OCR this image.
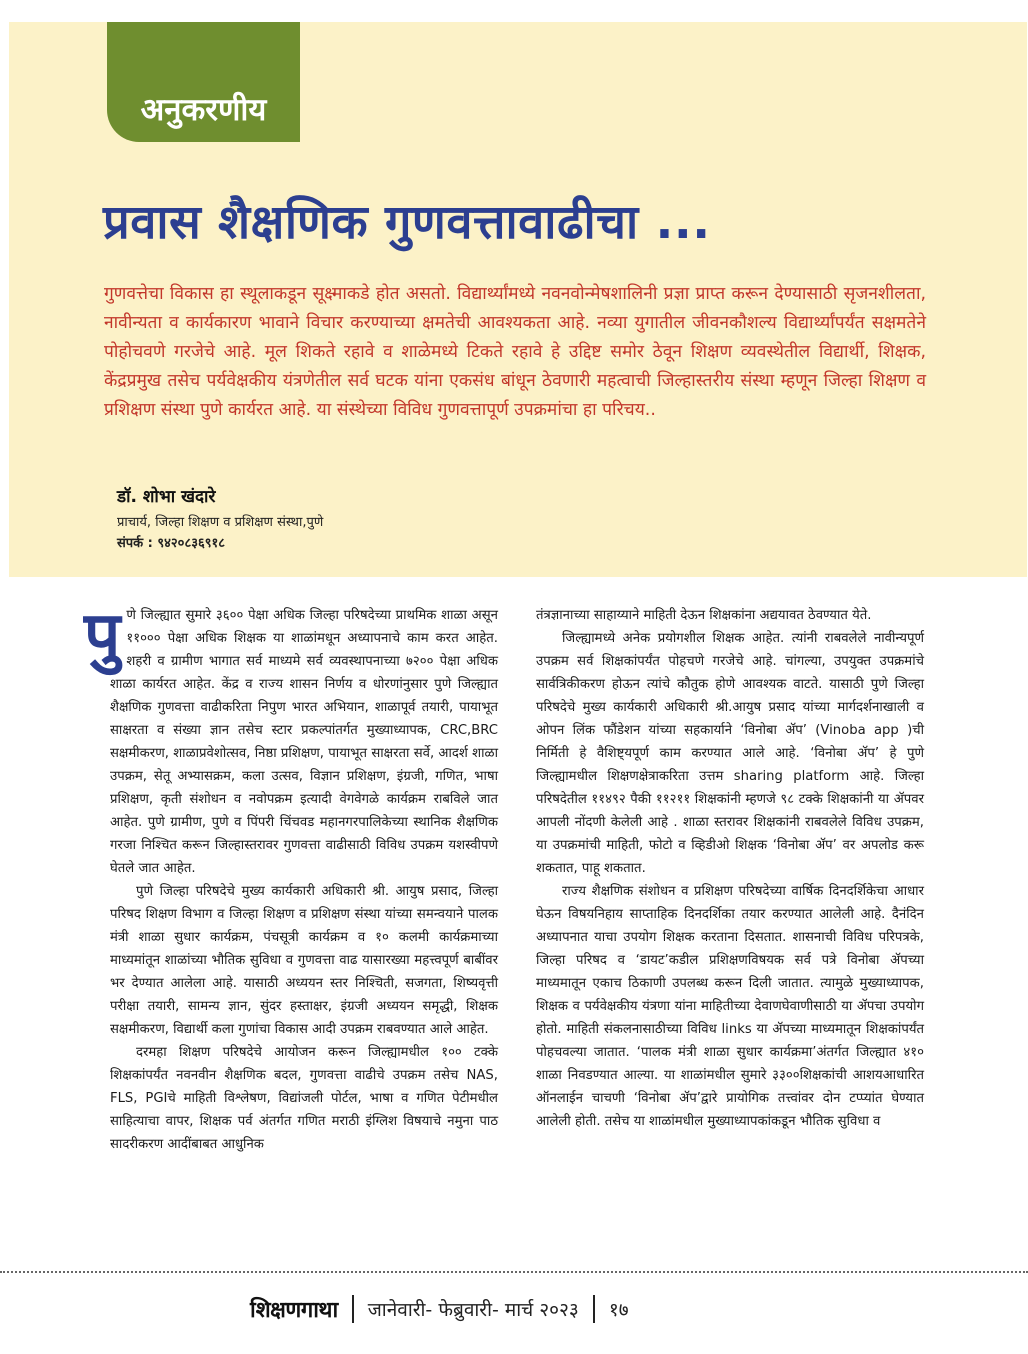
अनुकरणीय
प्रवास शैक्षणिक गुणवत्तावाढीचा ...

गुणवत्तेचा विकास हा स्थूलाकडून सूक्ष्माकडे होत असतो. विद्यार्थ्यांमध्ये नवनवोन्मेषशालिनी प्रज्ञा प्राप्त करून देण्यासाठी सृजनशीलता, नावीन्यता व कार्यकारण भावाने विचार करण्याच्या क्षमतेची आवश्यकता आहे. नव्या युगातील जीवनकौशल्य विद्यार्थ्यांपर्यंत सक्षमतेने पोहोचवणे गरजेचे आहे. मूल शिकते रहावे व शाळेमध्ये टिकते रहावे हे उद्दिष्ट समोर ठेवून शिक्षण व्यवस्थेतील विद्यार्थी, शिक्षक, केंद्रप्रमुख तसेच पर्यवेक्षकीय यंत्रणेतील सर्व घटक यांना एकसंध बांधून ठेवणारी महत्वाची जिल्हास्तरीय संस्था म्हणून जिल्हा शिक्षण व प्रशिक्षण संस्था पुणे कार्यरत आहे. या संस्थेच्या विविध गुणवत्तापूर्ण उपक्रमांचा हा परिचय..

डॉ. शोभा खंदारे
प्राचार्य, जिल्हा शिक्षण व प्रशिक्षण संस्था,पुणे
संपर्क : ९४२०८३६९१८

पुणे जिल्ह्यात सुमारे ३६०० पेक्षा अधिक जिल्हा परिषदेच्या प्राथमिक शाळा असून ११००० पेक्षा अधिक शिक्षक या शाळांमधून अध्यापनाचे काम करत आहेत. शहरी व ग्रामीण भागात सर्व माध्यमे सर्व व्यवस्थापनाच्या ७२०० पेक्षा अधिक शाळा कार्यरत आहेत. केंद्र व राज्य शासन निर्णय व धोरणांनुसार पुणे जिल्ह्यात शैक्षणिक गुणवत्ता वाढीकरिता निपुण भारत अभियान, शाळापूर्व तयारी, पायाभूत साक्षरता व संख्या ज्ञान तसेच स्टार प्रकल्पांतर्गत मुख्याध्यापक, CRC,BRC सक्षमीकरण, शाळाप्रवेशोत्सव, निष्ठा प्रशिक्षण, पायाभूत साक्षरता सर्वे, आदर्श शाळा उपक्रम, सेतू अभ्यासक्रम, कला उत्सव, विज्ञान प्रशिक्षण, इंग्रजी, गणित, भाषा प्रशिक्षण, कृती संशोधन व नवोपक्रम इत्यादी वेगवेगळे कार्यक्रम राबविले जात आहेत. पुणे ग्रामीण, पुणे व पिंपरी चिंचवड महानगरपालिकेच्या स्थानिक शैक्षणिक गरजा निश्चित करून जिल्हास्तरावर गुणवत्ता वाढीसाठी विविध उपक्रम यशस्वीपणे घेतले जात आहेत.

पुणे जिल्हा परिषदेचे मुख्य कार्यकारी अधिकारी श्री. आयुष प्रसाद, जिल्हा परिषद शिक्षण विभाग व जिल्हा शिक्षण व प्रशिक्षण संस्था यांच्या समन्वयाने पालक मंत्री शाळा सुधार कार्यक्रम, पंचसूत्री कार्यक्रम व १० कलमी कार्यक्रमाच्या माध्यमांतून शाळांच्या भौतिक सुविधा व गुणवत्ता वाढ यासारख्या महत्त्वपूर्ण बाबींवर भर देण्यात आलेला आहे. यासाठी अध्ययन स्तर निश्चिती, सजगता, शिष्यवृत्ती परीक्षा तयारी, सामन्य ज्ञान, सुंदर हस्ताक्षर, इंग्रजी अध्ययन समृद्धी, शिक्षक सक्षमीकरण, विद्यार्थी कला गुणांचा विकास आदी उपक्रम राबवण्यात आले आहेत.

दरमहा शिक्षण परिषदेचे आयोजन करून जिल्ह्यामधील १०० टक्के शिक्षकांपर्यंत नवनवीन शैक्षणिक बदल, गुणवत्ता वाढीचे उपक्रम तसेच NAS, FLS, PGIचे माहिती विश्लेषण, विद्यांजली पोर्टल, भाषा व गणित पेटीमधील साहित्याचा वापर, शिक्षक पर्व अंतर्गत गणित मराठी इंग्लिश विषयाचे नमुना पाठ सादरीकरण आदींबाबत आधुनिक

तंत्रज्ञानाच्या साहाय्याने माहिती देऊन शिक्षकांना अद्ययावत ठेवण्यात येते.

जिल्ह्यामध्ये अनेक प्रयोगशील शिक्षक आहेत. त्यांनी राबवलेले नावीन्यपूर्ण उपक्रम सर्व शिक्षकांपर्यंत पोहचणे गरजेचे आहे. चांगल्या, उपयुक्त उपक्रमांचे सार्वत्रिकीकरण होऊन त्यांचे कौतुक होणे आवश्यक वाटते. यासाठी पुणे जिल्हा परिषदेचे मुख्य कार्यकारी अधिकारी श्री.आयुष प्रसाद यांच्या मार्गदर्शनाखाली व ओपन लिंक फौंडेशन यांच्या सहकार्याने ‘विनोबा ॲप’ (Vinoba app )ची निर्मिती हे वैशिष्ट्यपूर्ण काम करण्यात आले आहे. ‘विनोबा ॲप’ हे पुणे जिल्ह्यामधील शिक्षणक्षेत्राकरिता उत्तम sharing platform आहे. जिल्हा परिषदेतील ११४९२ पैकी ११२११ शिक्षकांनी म्हणजे ९८ टक्के शिक्षकांनी या ॲपवर आपली नोंदणी केलेली आहे . शाळा स्तरावर शिक्षकांनी राबवलेले विविध उपक्रम, या उपक्रमांची माहिती, फोटो व व्हिडीओ शिक्षक ‘विनोबा ॲप’ वर अपलोड करू शकतात, पाहू शकतात.

राज्य शैक्षणिक संशोधन व प्रशिक्षण परिषदेच्या वार्षिक दिनदर्शिकेचा आधार घेऊन विषयनिहाय साप्ताहिक दिनदर्शिका तयार करण्यात आलेली आहे. दैनंदिन अध्यापनात याचा उपयोग शिक्षक करताना दिसतात. शासनाची विविध परिपत्रके, जिल्हा परिषद व ‘डायट’कडील प्रशिक्षणविषयक सर्व पत्रे विनोबा ॲपच्या माध्यमातून एकाच ठिकाणी उपलब्ध करून दिली जातात. त्यामुळे मुख्याध्यापक, शिक्षक व पर्यवेक्षकीय यंत्रणा यांना माहितीच्या देवाणघेवाणीसाठी या ॲपचा उपयोग होतो. माहिती संकलनासाठीच्या विविध links या ॲपच्या माध्यमातून शिक्षकांपर्यंत पोहचवल्या जातात. ‘पालक मंत्री शाळा सुधार कार्यक्रमा’अंतर्गत जिल्ह्यात ४१० शाळा निवडण्यात आल्या. या शाळांमधील सुमारे ३३००शिक्षकांची आशयआधारित ऑनलाईन चाचणी ‘विनोबा ॲप’द्वारे प्रायोगिक तत्त्वांवर दोन टप्प्यांत घेण्यात आलेली होती. तसेच या शाळांमधील मुख्याध्यापकांकडून भौतिक सुविधा व

शिक्षणगाथा जानेवारी- फेब्रुवारी- मार्च २०२३ १७
